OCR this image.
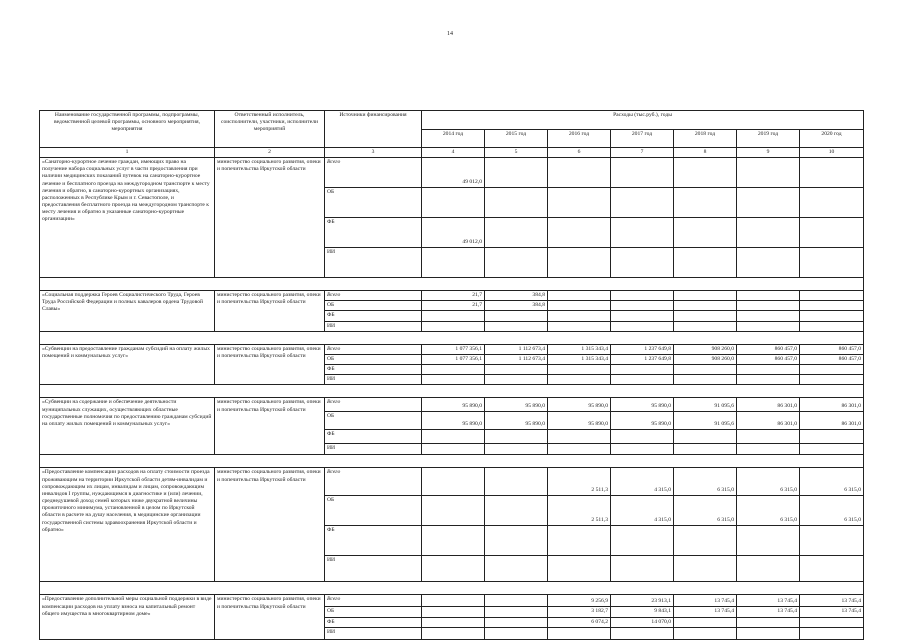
14
Наименование государственной программы, подпрограммы, ведомственной целевой программы, основного мероприятия, мероприятия	Ответственный исполнитель, соисполнители, участники, исполнители мероприятий	Источники финансирования	Расходы (тыс.руб.), годы						
			2014 год	2015 год	2016 год	2017 год	2018 год	2019 год	2020 год
1	2	3	4	5	6	7	8	9	10
«Санаторно-курортное лечение граждан, имеющих право на получение набора социальных услуг в части предоставления при наличии медицинских показаний путевок на санаторно-курортное лечение и бесплатного проезда на междугородном транспорте к месту лечения и обратно, в санаторно-курортных организациях, расположенных в Республике Крым и г. Севастополе, и предоставления бесплатного проезда на междугородном транспорте к месту лечения и обратно в указанные санаторно-курортные организации»	министерство социального развития, опеки и попечительства Иркутской области	Всего	49 012,0						
		ОБ							
		ФБ	49 012,0						
		ИИ							

«Социальная поддержка Героев Социалистического Труда, Героев Труда Российской Федерации и полных кавалеров ордена Трудовой Славы»	министерство социального развития, опеки и попечительства Иркутской области	Всего	21,7	384,8					
		ОБ	21,7	384,8					
		ФБ							
		ИИ							

«Субвенции на предоставление гражданам субсидий на оплату жилых помещений и коммунальных услуг»	министерство социального развития, опеки и попечительства Иркутской области	Всего	1 077 356,1	1 112 673,4	1 315 343,4	1 237 649,8	908 260,0	860 457,0	860 457,0
		ОБ	1 077 356,1	1 112 673,4	1 315 343,4	1 237 649,8	908 260,0	860 457,0	860 457,0
		ФБ							
		ИИ							

«Субвенции на содержание и обеспечение деятельности муниципальных служащих, осуществляющих областные государственные полномочия по предоставлению гражданам субсидий на оплату жилых помещений и коммунальных услуг»	министерство социального развития, опеки и попечительства Иркутской области	Всего	95 890,0	95 890,0	95 890,0	95 890,0	91 095,6	86 301,0	86 301,0
		ОБ	95 890,0	95 890,0	95 890,0	95 890,0	91 095,6	86 301,0	86 301,0
		ФБ							
		ИИ							

«Предоставление компенсации расходов на оплату стоимости проезда проживающим на территории Иркутской области детям-инвалидам и сопровождающим их лицам, инвалидам и лицам, сопровождающим инвалидов I группы, нуждающимся в диагностике и (или) лечении, среднедушевой доход семей которых ниже двукратной величины прожиточного минимума, установленной в целом по Иркутской области в расчете на душу населения, в медицинские организации государственной системы здравоохранения Иркутской области и обратно»	министерство социального развития, опеки и попечительства Иркутской области	Всего			2 511,3	4 315,0	6 315,0	6 315,0	6 315,0
		ОБ			2 511,3	4 315,0	6 315,0	6 315,0	6 315,0
		ФБ							
		ИИ							

«Предоставление дополнительной меры социальной поддержки в виде компенсации расходов на уплату взноса на капитальный ремонт общего имущества в многоквартирном доме»	министерство социального развития, опеки и попечительства Иркутской области	Всего			9 256,9	23 913,1	13 745,4	13 745,4	13 745,4
		ОБ			3 182,7	9 843,1	13 745,4	13 745,4	13 745,4
		ФБ			6 074,2	14 070,0			
		ИИ							
